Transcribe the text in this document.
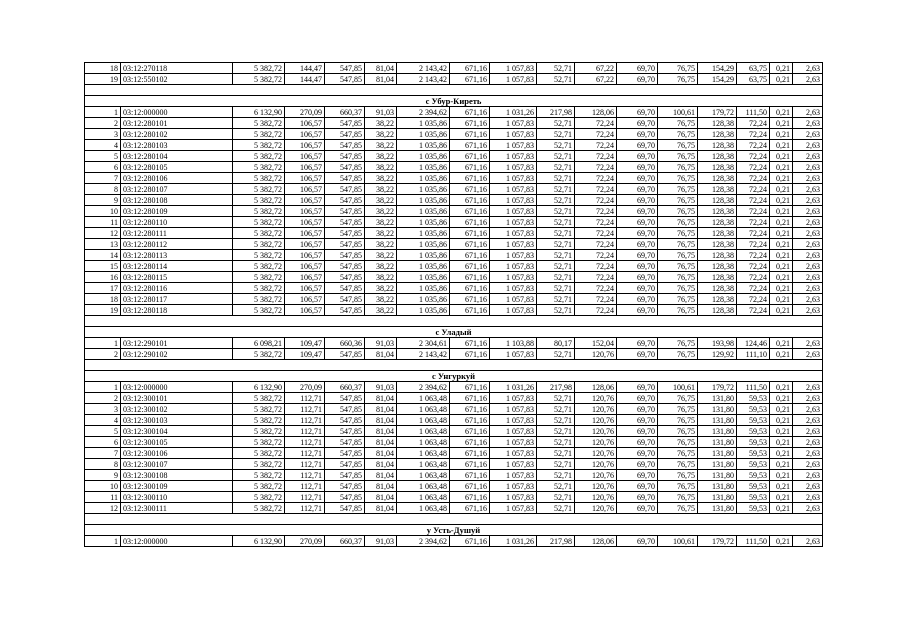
18	03:12:270118	5 382,72	144,47	547,85	81,04	2 143,42	671,16	1 057,83	52,71	67,22	69,70	76,75	154,29	63,75	0,21	2,63
19	03:12:550102	5 382,72	144,47	547,85	81,04	2 143,42	671,16	1 057,83	52,71	67,22	69,70	76,75	154,29	63,75	0,21	2,63

с Убур-Киреть																
1	03:12:000000	6 132,90	270,09	660,37	91,03	2 394,62	671,16	1 031,26	217,98	128,06	69,70	100,61	179,72	111,50	0,21	2,63
2	03:12:280101	5 382,72	106,57	547,85	38,22	1 035,86	671,16	1 057,83	52,71	72,24	69,70	76,75	128,38	72,24	0,21	2,63
3	03:12:280102	5 382,72	106,57	547,85	38,22	1 035,86	671,16	1 057,83	52,71	72,24	69,70	76,75	128,38	72,24	0,21	2,63
4	03:12:280103	5 382,72	106,57	547,85	38,22	1 035,86	671,16	1 057,83	52,71	72,24	69,70	76,75	128,38	72,24	0,21	2,63
5	03:12:280104	5 382,72	106,57	547,85	38,22	1 035,86	671,16	1 057,83	52,71	72,24	69,70	76,75	128,38	72,24	0,21	2,63
6	03:12:280105	5 382,72	106,57	547,85	38,22	1 035,86	671,16	1 057,83	52,71	72,24	69,70	76,75	128,38	72,24	0,21	2,63
7	03:12:280106	5 382,72	106,57	547,85	38,22	1 035,86	671,16	1 057,83	52,71	72,24	69,70	76,75	128,38	72,24	0,21	2,63
8	03:12:280107	5 382,72	106,57	547,85	38,22	1 035,86	671,16	1 057,83	52,71	72,24	69,70	76,75	128,38	72,24	0,21	2,63
9	03:12:280108	5 382,72	106,57	547,85	38,22	1 035,86	671,16	1 057,83	52,71	72,24	69,70	76,75	128,38	72,24	0,21	2,63
10	03:12:280109	5 382,72	106,57	547,85	38,22	1 035,86	671,16	1 057,83	52,71	72,24	69,70	76,75	128,38	72,24	0,21	2,63
11	03:12:280110	5 382,72	106,57	547,85	38,22	1 035,86	671,16	1 057,83	52,71	72,24	69,70	76,75	128,38	72,24	0,21	2,63
12	03:12:280111	5 382,72	106,57	547,85	38,22	1 035,86	671,16	1 057,83	52,71	72,24	69,70	76,75	128,38	72,24	0,21	2,63
13	03:12:280112	5 382,72	106,57	547,85	38,22	1 035,86	671,16	1 057,83	52,71	72,24	69,70	76,75	128,38	72,24	0,21	2,63
14	03:12:280113	5 382,72	106,57	547,85	38,22	1 035,86	671,16	1 057,83	52,71	72,24	69,70	76,75	128,38	72,24	0,21	2,63
15	03:12:280114	5 382,72	106,57	547,85	38,22	1 035,86	671,16	1 057,83	52,71	72,24	69,70	76,75	128,38	72,24	0,21	2,63
16	03:12:280115	5 382,72	106,57	547,85	38,22	1 035,86	671,16	1 057,83	52,71	72,24	69,70	76,75	128,38	72,24	0,21	2,63
17	03:12:280116	5 382,72	106,57	547,85	38,22	1 035,86	671,16	1 057,83	52,71	72,24	69,70	76,75	128,38	72,24	0,21	2,63
18	03:12:280117	5 382,72	106,57	547,85	38,22	1 035,86	671,16	1 057,83	52,71	72,24	69,70	76,75	128,38	72,24	0,21	2,63
19	03:12:280118	5 382,72	106,57	547,85	38,22	1 035,86	671,16	1 057,83	52,71	72,24	69,70	76,75	128,38	72,24	0,21	2,63

с Уладый																
1	03:12:290101	6 098,21	109,47	660,36	91,03	2 304,61	671,16	1 103,88	80,17	152,04	69,70	76,75	193,98	124,46	0,21	2,63
2	03:12:290102	5 382,72	109,47	547,85	81,04	2 143,42	671,16	1 057,83	52,71	120,76	69,70	76,75	129,92	111,10	0,21	2,63

с Унгуркуй																
1	03:12:000000	6 132,90	270,09	660,37	91,03	2 394,62	671,16	1 031,26	217,98	128,06	69,70	100,61	179,72	111,50	0,21	2,63
2	03:12:300101	5 382,72	112,71	547,85	81,04	1 063,48	671,16	1 057,83	52,71	120,76	69,70	76,75	131,80	59,53	0,21	2,63
3	03:12:300102	5 382,72	112,71	547,85	81,04	1 063,48	671,16	1 057,83	52,71	120,76	69,70	76,75	131,80	59,53	0,21	2,63
4	03:12:300103	5 382,72	112,71	547,85	81,04	1 063,48	671,16	1 057,83	52,71	120,76	69,70	76,75	131,80	59,53	0,21	2,63
5	03:12:300104	5 382,72	112,71	547,85	81,04	1 063,48	671,16	1 057,83	52,71	120,76	69,70	76,75	131,80	59,53	0,21	2,63
6	03:12:300105	5 382,72	112,71	547,85	81,04	1 063,48	671,16	1 057,83	52,71	120,76	69,70	76,75	131,80	59,53	0,21	2,63
7	03:12:300106	5 382,72	112,71	547,85	81,04	1 063,48	671,16	1 057,83	52,71	120,76	69,70	76,75	131,80	59,53	0,21	2,63
8	03:12:300107	5 382,72	112,71	547,85	81,04	1 063,48	671,16	1 057,83	52,71	120,76	69,70	76,75	131,80	59,53	0,21	2,63
9	03:12:300108	5 382,72	112,71	547,85	81,04	1 063,48	671,16	1 057,83	52,71	120,76	69,70	76,75	131,80	59,53	0,21	2,63
10	03:12:300109	5 382,72	112,71	547,85	81,04	1 063,48	671,16	1 057,83	52,71	120,76	69,70	76,75	131,80	59,53	0,21	2,63
11	03:12:300110	5 382,72	112,71	547,85	81,04	1 063,48	671,16	1 057,83	52,71	120,76	69,70	76,75	131,80	59,53	0,21	2,63
12	03:12:300111	5 382,72	112,71	547,85	81,04	1 063,48	671,16	1 057,83	52,71	120,76	69,70	76,75	131,80	59,53	0,21	2,63

у Усть-Душуй																
1	03:12:000000	6 132,90	270,09	660,37	91,03	2 394,62	671,16	1 031,26	217,98	128,06	69,70	100,61	179,72	111,50	0,21	2,63
